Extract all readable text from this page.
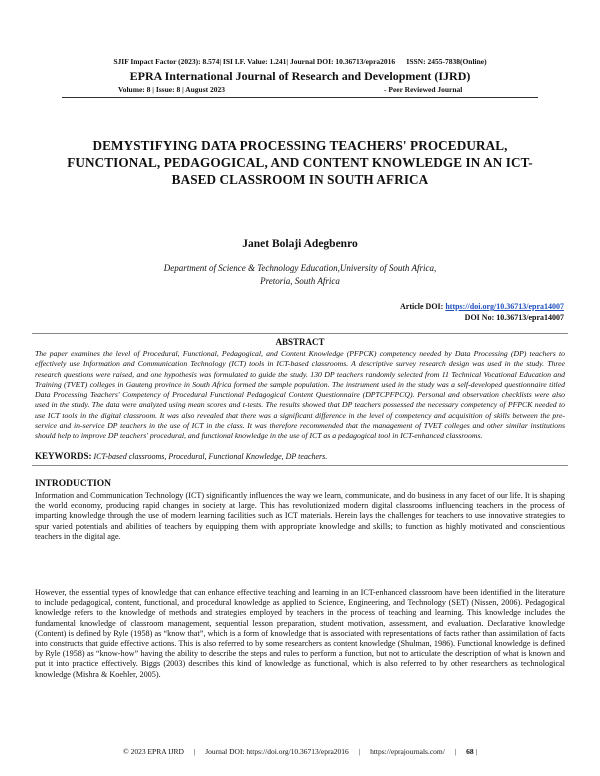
SJIF Impact Factor (2023): 8.574| ISI I.F. Value: 1.241| Journal DOI: 10.36713/epra2016      ISSN: 2455-7838(Online)
EPRA International Journal of Research and Development (IJRD)
Volume: 8 | Issue: 8 | August 2023	- Peer Reviewed Journal
DEMYSTIFYING DATA PROCESSING TEACHERS' PROCEDURAL, FUNCTIONAL, PEDAGOGICAL, AND CONTENT KNOWLEDGE IN AN ICT-BASED CLASSROOM IN SOUTH AFRICA
Janet Bolaji Adegbenro
Department of Science & Technology Education,University of South Africa,
Pretoria, South Africa
Article DOI: https://doi.org/10.36713/epra14007
DOI No: 10.36713/epra14007
ABSTRACT
The paper examines the level of Procedural, Functional, Pedagogical, and Content Knowledge (PFPCK) competency needed by Data Processing (DP) teachers to effectively use Information and Communication Technology (ICT) tools in ICT-based classrooms. A descriptive survey research design was used in the study. Three research questions were raised, and one hypothesis was formulated to guide the study. 130 DP teachers randomly selected from 11 Technical Vocational Education and Training (TVET) colleges in Gauteng province in South Africa formed the sample population. The instrument used in the study was a self-developed questionnaire titled Data Processing Teachers' Competency of Procedural Functional Pedagogical Content Questionnaire (DPTCPFPCQ). Personal and observation checklists were also used in the study. The data were analyzed using mean scores and t-tests. The results showed that DP teachers possessed the necessary competency of PFPCK needed to use ICT tools in the digital classroom. It was also revealed that there was a significant difference in the level of competency and acquisition of skills between the pre-service and in-service DP teachers in the use of ICT in the class. It was therefore recommended that the management of TVET colleges and other similar institutions should help to improve DP teachers' procedural, and functional knowledge in the use of ICT as a pedagogical tool in ICT-enhanced classrooms.
KEYWORDS: ICT-based classrooms, Procedural, Functional Knowledge, DP teachers.
INTRODUCTION
Information and Communication Technology (ICT) significantly influences the way we learn, communicate, and do business in any facet of our life. It is shaping the world economy, producing rapid changes in society at large. This has revolutionized modern digital classrooms influencing teachers in the process of imparting knowledge through the use of modern learning facilities such as ICT materials. Herein lays the challenges for teachers to use innovative strategies to spur varied potentials and abilities of teachers by equipping them with appropriate knowledge and skills; to function as highly motivated and conscientious teachers in the digital age.
However, the essential types of knowledge that can enhance effective teaching and learning in an ICT-enhanced classroom have been identified in the literature to include pedagogical, content, functional, and procedural knowledge as applied to Science, Engineering, and Technology (SET) (Nissen, 2006). Pedagogical knowledge refers to the knowledge of methods and strategies employed by teachers in the process of teaching and learning. This knowledge includes the fundamental knowledge of classroom management, sequential lesson preparation, student motivation, assessment, and evaluation. Declarative knowledge (Content) is defined by Ryle (1958) as “know that”, which is a form of knowledge that is associated with representations of facts rather than assimilation of facts into constructs that guide effective actions. This is also referred to by some researchers as content knowledge (Shulman, 1986). Functional knowledge is defined by Ryle (1958) as “know-how” having the ability to describe the steps and rules to perform a function, but not to articulate the description of what is known and put it into practice effectively. Biggs (2003) describes this kind of knowledge as functional, which is also referred to by other researchers as technological knowledge (Mishra & Koehler, 2005).
© 2023 EPRA IJRD | Journal DOI: https://doi.org/10.36713/epra2016 | https://eprajournals.com/ | 68 |
